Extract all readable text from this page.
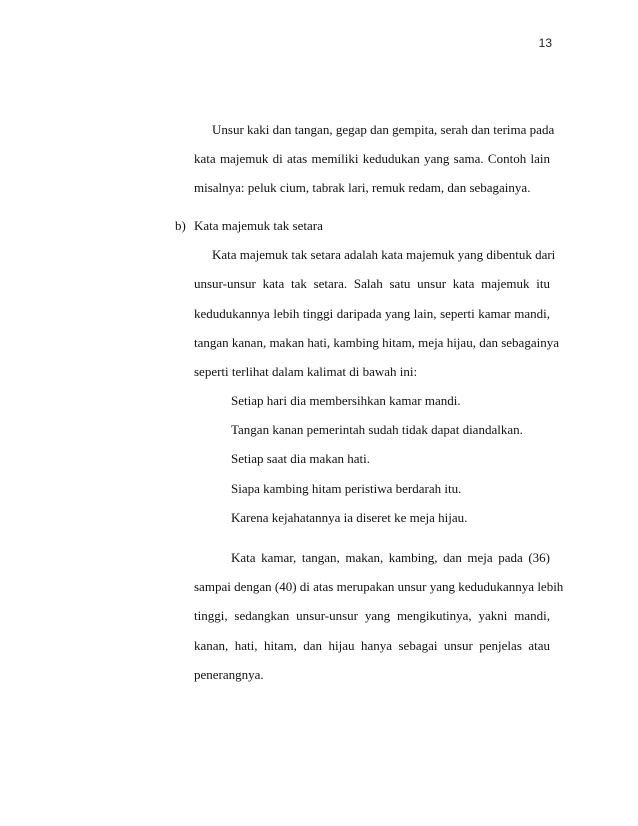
13
Unsur kaki dan tangan, gegap dan gempita, serah dan terima pada
kata majemuk di atas memiliki kedudukan yang sama. Contoh lain
misalnya: peluk cium, tabrak lari, remuk redam, dan sebagainya.
b) Kata majemuk tak setara
Kata majemuk tak setara adalah kata majemuk yang dibentuk dari
unsur-unsur kata tak setara. Salah satu unsur kata majemuk itu
kedudukannya lebih tinggi daripada yang lain, seperti kamar mandi,
tangan kanan, makan hati, kambing hitam, meja hijau, dan sebagainya
seperti terlihat dalam kalimat di bawah ini:
Setiap hari dia membersihkan kamar mandi.
Tangan kanan pemerintah sudah tidak dapat diandalkan.
Setiap saat dia makan hati.
Siapa kambing hitam peristiwa berdarah itu.
Karena kejahatannya ia diseret ke meja hijau.
Kata kamar, tangan, makan, kambing, dan meja pada (36)
sampai dengan (40) di atas merupakan unsur yang kedudukannya lebih
tinggi, sedangkan unsur-unsur yang mengikutinya, yakni mandi,
kanan, hati, hitam, dan hijau hanya sebagai unsur penjelas atau
penerangnya.
